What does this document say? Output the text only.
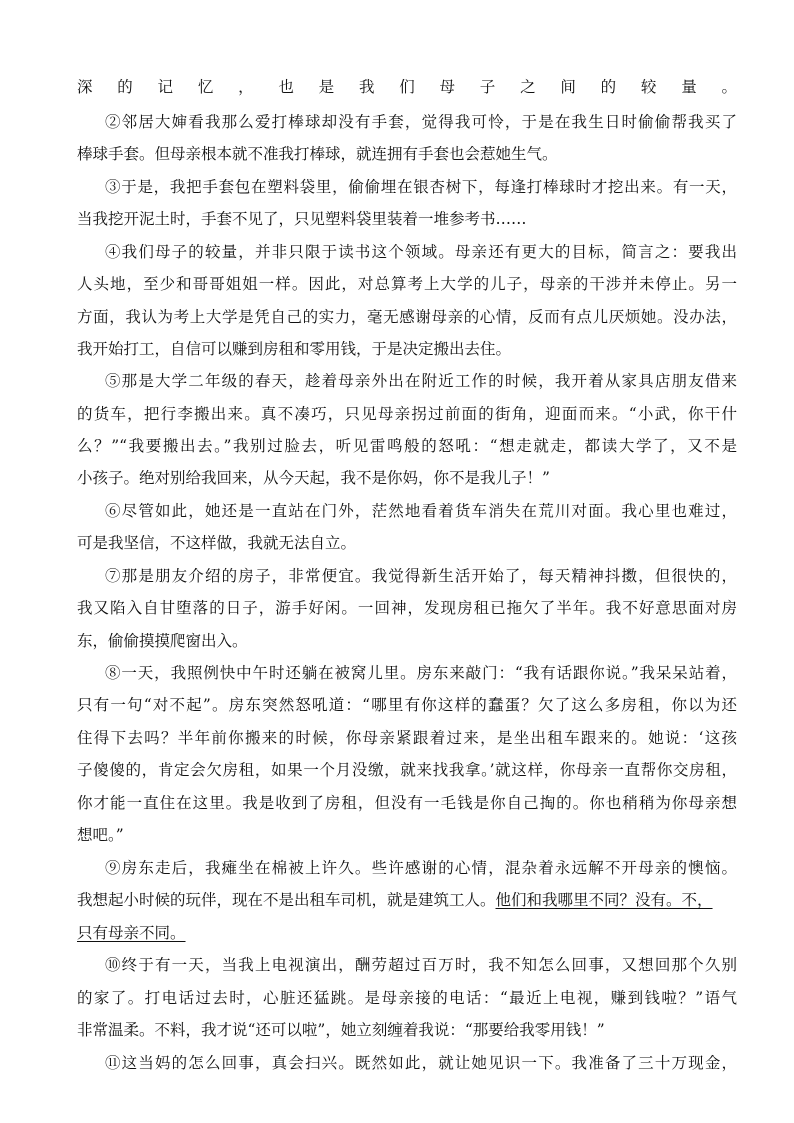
深的记忆，也是我们母子之间的较量。
②邻居大婶看我那么爱打棒球却没有手套，觉得我可怜，于是在我生日时偷偷帮我买了
棒球手套。但母亲根本就不准我打棒球，就连拥有手套也会惹她生气。
③于是，我把手套包在塑料袋里，偷偷埋在银杏树下，每逢打棒球时才挖出来。有一天，
当我挖开泥土时，手套不见了，只见塑料袋里装着一堆参考书……
④我们母子的较量，并非只限于读书这个领域。母亲还有更大的目标，简言之：要我出
人头地，至少和哥哥姐姐一样。因此，对总算考上大学的儿子，母亲的干涉并未停止。另一
方面，我认为考上大学是凭自己的实力，毫无感谢母亲的心情，反而有点儿厌烦她。没办法，
我开始打工，自信可以赚到房租和零用钱，于是决定搬出去住。
⑤那是大学二年级的春天，趁着母亲外出在附近工作的时候，我开着从家具店朋友借来
的货车，把行李搬出来。真不凑巧，只见母亲拐过前面的街角，迎面而来。“小武，你干什
么？”“我要搬出去。”我别过脸去，听见雷鸣般的怒吼：“想走就走，都读大学了，又不是
小孩子。绝对别给我回来，从今天起，我不是你妈，你不是我儿子！”
⑥尽管如此，她还是一直站在门外，茫然地看着货车消失在荒川对面。我心里也难过，
可是我坚信，不这样做，我就无法自立。
⑦那是朋友介绍的房子，非常便宜。我觉得新生活开始了，每天精神抖擞，但很快的，
我又陷入自甘堕落的日子，游手好闲。一回神，发现房租已拖欠了半年。我不好意思面对房
东，偷偷摸摸爬窗出入。
⑧一天，我照例快中午时还躺在被窝儿里。房东来敲门：“我有话跟你说。”我呆呆站着，
只有一句“对不起”。房东突然怒吼道：“哪里有你这样的蠢蛋？欠了这么多房租，你以为还
住得下去吗？半年前你搬来的时候，你母亲紧跟着过来，是坐出租车跟来的。她说：‘这孩
子傻傻的，肯定会欠房租，如果一个月没缴，就来找我拿。’就这样，你母亲一直帮你交房租，
你才能一直住在这里。我是收到了房租，但没有一毛钱是你自己掏的。你也稍稍为你母亲想
想吧。”
⑨房东走后，我瘫坐在棉被上许久。些许感谢的心情，混杂着永远解不开母亲的懊恼。
我想起小时候的玩伴，现在不是出租车司机，就是建筑工人。他们和我哪里不同？没有。不，
只有母亲不同。
⑩终于有一天，当我上电视演出，酬劳超过百万时，我不知怎么回事，又想回那个久别
的家了。打电话过去时，心脏还猛跳。是母亲接的电话：“最近上电视，赚到钱啦？”语气
非常温柔。不料，我才说“还可以啦”，她立刻缠着我说：“那要给我零用钱！”
⑪这当妈的怎么回事，真会扫兴。既然如此，就让她见识一下。我准备了三十万现金，
